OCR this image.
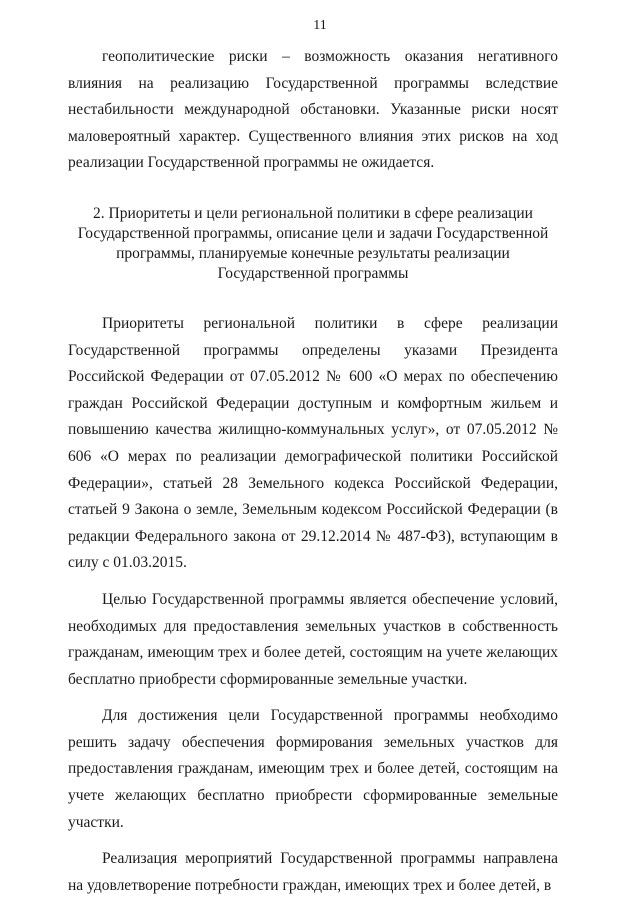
11

геополитические риски – возможность оказания негативного влияния на реализацию Государственной программы вследствие нестабильности международной обстановки. Указанные риски носят маловероятный характер. Существенного влияния этих рисков на ход реализации Государственной программы не ожидается.

2. Приоритеты и цели региональной политики в сфере реализации Государственной программы, описание цели и задачи Государственной программы, планируемые конечные результаты реализации Государственной программы

Приоритеты региональной политики в сфере реализации Государственной программы определены указами Президента Российской Федерации от 07.05.2012 № 600 «О мерах по обеспечению граждан Российской Федерации доступным и комфортным жильем и повышению качества жилищно-коммунальных услуг», от 07.05.2012 № 606 «О мерах по реализации демографической политики Российской Федерации», статьей 28 Земельного кодекса Российской Федерации, статьей 9 Закона о земле, Земельным кодексом Российской Федерации (в редакции Федерального закона от 29.12.2014 № 487-ФЗ), вступающим в силу с 01.03.2015.

Целью Государственной программы является обеспечение условий, необходимых для предоставления земельных участков в собственность гражданам, имеющим трех и более детей, состоящим на учете желающих бесплатно приобрести сформированные земельные участки.

Для достижения цели Государственной программы необходимо решить задачу обеспечения формирования земельных участков для предоставления гражданам, имеющим трех и более детей, состоящим на учете желающих бесплатно приобрести сформированные земельные участки.

Реализация мероприятий Государственной программы направлена на удовлетворение потребности граждан, имеющих трех и более детей, в
